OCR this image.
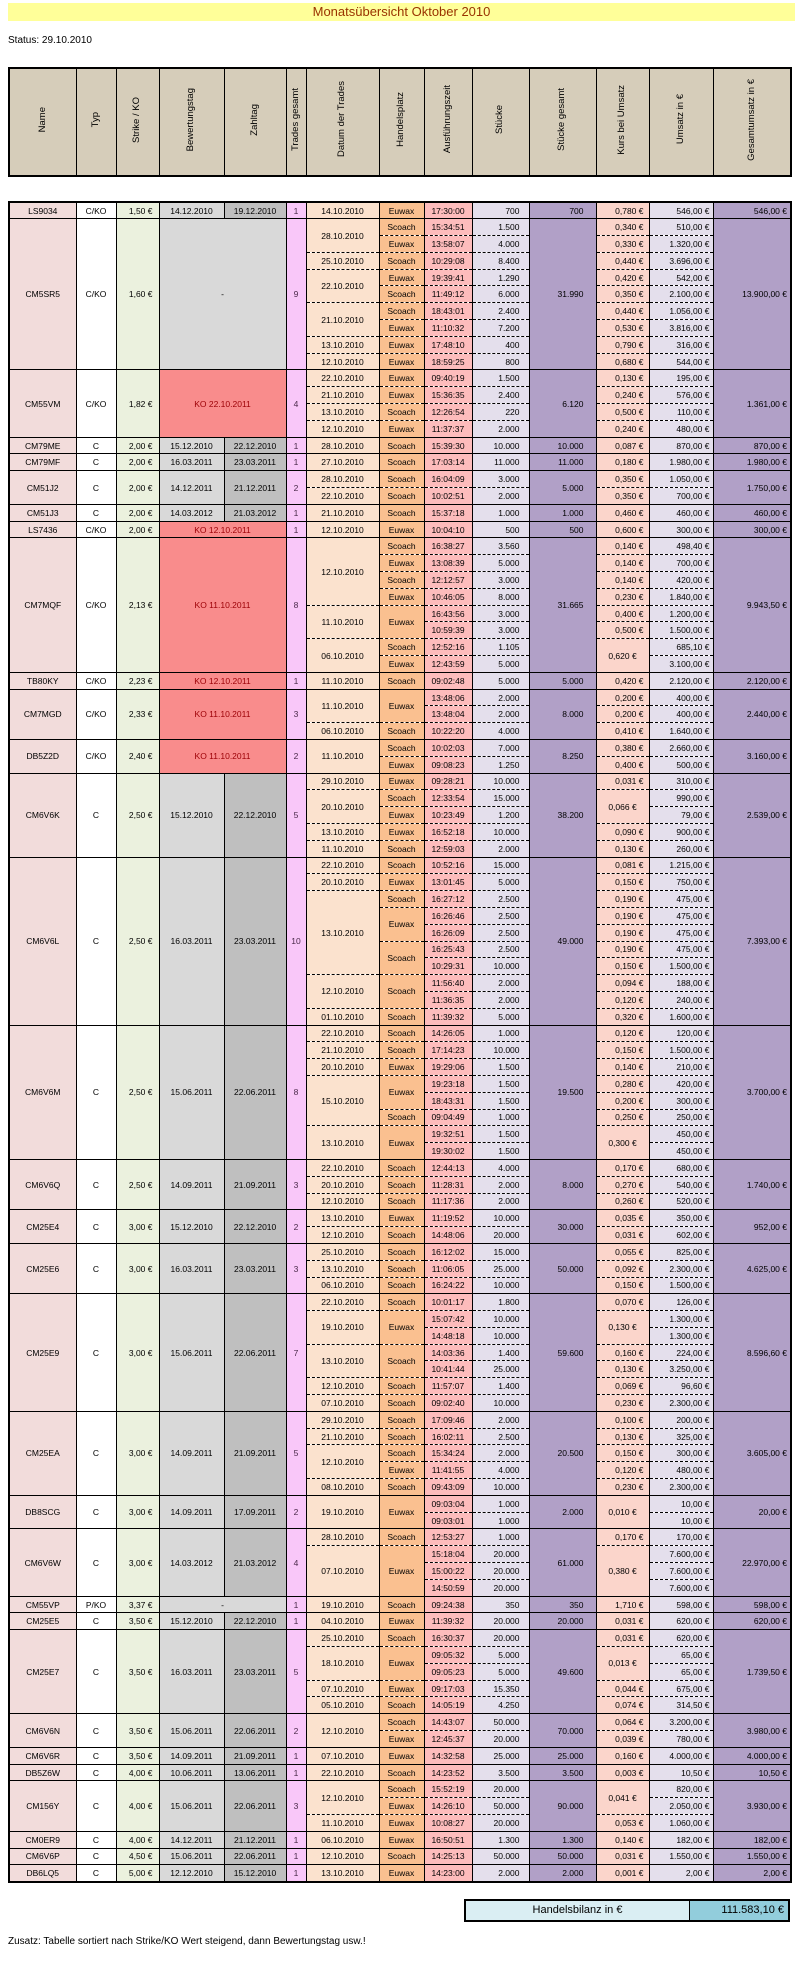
Monatsübersicht Oktober 2010
Status: 29.10.2010
Name	Typ	Strike / KO	Bewertungstag	Zahltag	Trades gesamt	Datum der Trades	Handelsplatz	Ausführungszeit	Stücke	Stücke gesamt	Kurs bei Umsatz	Umsatz in €	Gesamtumsatz in €
LS9034	C/KO	1,50 €	14.12.2010	19.12.2010	1	14.10.2010	Euwax	17:30:00	700	700	0,780 €	546,00 €	546,00 €
CM5SR5	C/KO	1,60 €	-		9	28.10.2010	Scoach	15:34:51	1.500	31.990	0,340 €	510,00 €	13.900,00 €
							Euwax	13:58:07	4.000		0,330 €	1.320,00 €	
						25.10.2010	Scoach	10:29:08	8.400		0,440 €	3.696,00 €	
						22.10.2010	Euwax	19:39:41	1.290		0,420 €	542,00 €	
							Scoach	11:49:12	6.000		0,350 €	2.100,00 €	
						21.10.2010	Scoach	18:43:01	2.400		0,440 €	1.056,00 €	
							Euwax	11:10:32	7.200		0,530 €	3.816,00 €	
						13.10.2010	Euwax	17:48:10	400		0,790 €	316,00 €	
						12.10.2010	Euwax	18:59:25	800		0,680 €	544,00 €	
CM55VM	C/KO	1,82 €	KO 22.10.2011		4	22.10.2010	Euwax	09:40:19	1.500	6.120	0,130 €	195,00 €	1.361,00 €
						21.10.2010	Euwax	15:36:35	2.400		0,240 €	576,00 €	
						13.10.2010	Scoach	12:26:54	220		0,500 €	110,00 €	
						12.10.2010	Euwax	11:37:37	2.000		0,240 €	480,00 €	
CM79ME	C	2,00 €	15.12.2010	22.12.2010	1	28.10.2010	Scoach	15:39:30	10.000	10.000	0,087 €	870,00 €	870,00 €
CM79MF	C	2,00 €	16.03.2011	23.03.2011	1	27.10.2010	Scoach	17:03:14	11.000	11.000	0,180 €	1.980,00 €	1.980,00 €
CM51J2	C	2,00 €	14.12.2011	21.12.2011	2	28.10.2010	Scoach	16:04:09	3.000	5.000	0,350 €	1.050,00 €	1.750,00 €
						22.10.2010	Scoach	10:02:51	2.000		0,350 €	700,00 €	
CM51J3	C	2,00 €	14.03.2012	21.03.2012	1	21.10.2010	Scoach	15:37:18	1.000	1.000	0,460 €	460,00 €	460,00 €
LS7436	C/KO	2,00 €	KO 12.10.2011		1	12.10.2010	Euwax	10:04:10	500	500	0,600 €	300,00 €	300,00 €
CM7MQF	C/KO	2,13 €	KO 11.10.2011		8	12.10.2010	Scoach	16:38:27	3.560	31.665	0,140 €	498,40 €	9.943,50 €
							Euwax	13:08:39	5.000		0,140 €	700,00 €	
							Scoach	12:12:57	3.000		0,140 €	420,00 €	
							Euwax	10:46:05	8.000		0,230 €	1.840,00 €	
						11.10.2010	Euwax	16:43:56	3.000		0,400 €	1.200,00 €	
								10:59:39	3.000		0,500 €	1.500,00 €	
						06.10.2010	Scoach	12:52:16	1.105		0,620 €	685,10 €	
							Euwax	12:43:59	5.000			3.100,00 €	
TB80KY	C/KO	2,23 €	KO 12.10.2011		1	11.10.2010	Scoach	09:02:48	5.000	5.000	0,420 €	2.120,00 €	2.120,00 €
CM7MGD	C/KO	2,33 €	KO 11.10.2011		3	11.10.2010	Euwax	13:48:06	2.000	8.000	0,200 €	400,00 €	2.440,00 €
								13:48:04	2.000		0,200 €	400,00 €	
						06.10.2010	Scoach	10:22:20	4.000		0,410 €	1.640,00 €	
DB5Z2D	C/KO	2,40 €	KO 11.10.2011		2	11.10.2010	Scoach	10:02:03	7.000	8.250	0,380 €	2.660,00 €	3.160,00 €
							Euwax	09:08:23	1.250		0,400 €	500,00 €	
CM6V6K	C	2,50 €	15.12.2010	22.12.2010	5	29.10.2010	Euwax	09:28:21	10.000	38.200	0,031 €	310,00 €	2.539,00 €
						20.10.2010	Scoach	12:33:54	15.000		0,066 €	990,00 €	
							Euwax	10:23:49	1.200			79,00 €	
						13.10.2010	Euwax	16:52:18	10.000		0,090 €	900,00 €	
						11.10.2010	Scoach	12:59:03	2.000		0,130 €	260,00 €	
CM6V6L	C	2,50 €	16.03.2011	23.03.2011	10	22.10.2010	Scoach	10:52:16	15.000	49.000	0,081 €	1.215,00 €	7.393,00 €
						20.10.2010	Euwax	13:01:45	5.000		0,150 €	750,00 €	
						13.10.2010	Scoach	16:27:12	2.500		0,190 €	475,00 €	
							Euwax	16:26:46	2.500		0,190 €	475,00 €	
								16:26:09	2.500		0,190 €	475,00 €	
							Scoach	16:25:43	2.500		0,190 €	475,00 €	
								10:29:31	10.000		0,150 €	1.500,00 €	
						12.10.2010	Scoach	11:56:40	2.000		0,094 €	188,00 €	
								11:36:35	2.000		0,120 €	240,00 €	
						01.10.2010	Scoach	11:39:32	5.000		0,320 €	1.600,00 €	
CM6V6M	C	2,50 €	15.06.2011	22.06.2011	8	22.10.2010	Scoach	14:26:05	1.000	19.500	0,120 €	120,00 €	3.700,00 €
						21.10.2010	Scoach	17:14:23	10.000		0,150 €	1.500,00 €	
						20.10.2010	Euwax	19:29:06	1.500		0,140 €	210,00 €	
						15.10.2010	Euwax	19:23:18	1.500		0,280 €	420,00 €	
								18:43:31	1.500		0,200 €	300,00 €	
							Scoach	09:04:49	1.000		0,250 €	250,00 €	
						13.10.2010	Euwax	19:32:51	1.500		0,300 €	450,00 €	
								19:30:02	1.500			450,00 €	
CM6V6Q	C	2,50 €	14.09.2011	21.09.2011	3	22.10.2010	Scoach	12:44:13	4.000	8.000	0,170 €	680,00 €	1.740,00 €
						20.10.2010	Scoach	11:28:31	2.000		0,270 €	540,00 €	
						12.10.2010	Scoach	11:17:36	2.000		0,260 €	520,00 €	
CM25E4	C	3,00 €	15.12.2010	22.12.2010	2	13.10.2010	Euwax	11:19:52	10.000	30.000	0,035 €	350,00 €	952,00 €
						12.10.2010	Scoach	14:48:06	20.000		0,031 €	602,00 €	
CM25E6	C	3,00 €	16.03.2011	23.03.2011	3	25.10.2010	Scoach	16:12:02	15.000	50.000	0,055 €	825,00 €	4.625,00 €
						13.10.2010	Scoach	11:06:05	25.000		0,092 €	2.300,00 €	
						06.10.2010	Scoach	16:24:22	10.000		0,150 €	1.500,00 €	
CM25E9	C	3,00 €	15.06.2011	22.06.2011	7	22.10.2010	Scoach	10:01:17	1.800	59.600	0,070 €	126,00 €	8.596,60 €
						19.10.2010	Euwax	15:07:42	10.000		0,130 €	1.300,00 €	
								14:48:18	10.000			1.300,00 €	
						13.10.2010	Scoach	14:03:36	1.400		0,160 €	224,00 €	
								10:41:44	25.000		0,130 €	3.250,00 €	
						12.10.2010	Scoach	11:57:07	1.400		0,069 €	96,60 €	
						07.10.2010	Scoach	09:02:40	10.000		0,230 €	2.300,00 €	
CM25EA	C	3,00 €	14.09.2011	21.09.2011	5	29.10.2010	Scoach	17:09:46	2.000	20.500	0,100 €	200,00 €	3.605,00 €
						21.10.2010	Scoach	16:02:11	2.500		0,130 €	325,00 €	
						12.10.2010	Scoach	15:34:24	2.000		0,150 €	300,00 €	
							Euwax	11:41:55	4.000		0,120 €	480,00 €	
						08.10.2010	Scoach	09:43:09	10.000		0,230 €	2.300,00 €	
DB8SCG	C	3,00 €	14.09.2011	17.09.2011	2	19.10.2010	Euwax	09:03:04	1.000	2.000	0,010 €	10,00 €	20,00 €
								09:03:01	1.000			10,00 €	
CM6V6W	C	3,00 €	14.03.2012	21.03.2012	4	28.10.2010	Scoach	12:53:27	1.000	61.000	0,170 €	170,00 €	22.970,00 €
						07.10.2010	Euwax	15:18:04	20.000		0,380 €	7.600,00 €	
								15:00:22	20.000			7.600,00 €	
								14:50:59	20.000			7.600,00 €	
CM55VP	P/KO	3,37 €	-		1	19.10.2010	Scoach	09:24:38	350	350	1,710 €	598,00 €	598,00 €
CM25E5	C	3,50 €	15.12.2010	22.12.2010	1	04.10.2010	Euwax	11:39:32	20.000	20.000	0,031 €	620,00 €	620,00 €
CM25E7	C	3,50 €	16.03.2011	23.03.2011	5	25.10.2010	Scoach	16:30:37	20.000	49.600	0,031 €	620,00 €	1.739,50 €
						18.10.2010	Euwax	09:05:32	5.000		0,013 €	65,00 €	
								09:05:23	5.000			65,00 €	
						07.10.2010	Euwax	09:17:03	15.350		0,044 €	675,00 €	
						05.10.2010	Scoach	14:05:19	4.250		0,074 €	314,50 €	
CM6V6N	C	3,50 €	15.06.2011	22.06.2011	2	12.10.2010	Scoach	14:43:07	50.000	70.000	0,064 €	3.200,00 €	3.980,00 €
							Euwax	12:45:37	20.000		0,039 €	780,00 €	
CM6V6R	C	3,50 €	14.09.2011	21.09.2011	1	07.10.2010	Euwax	14:32:58	25.000	25.000	0,160 €	4.000,00 €	4.000,00 €
DB5Z6W	C	4,00 €	10.06.2011	13.06.2011	1	22.10.2010	Scoach	14:23:52	3.500	3.500	0,003 €	10,50 €	10,50 €
CM156Y	C	4,00 €	15.06.2011	22.06.2011	3	12.10.2010	Scoach	15:52:19	20.000	90.000	0,041 €	820,00 €	3.930,00 €
							Euwax	14:26:10	50.000			2.050,00 €	
						11.10.2010	Euwax	10:08:27	20.000		0,053 €	1.060,00 €	
CM0ER9	C	4,00 €	14.12.2011	21.12.2011	1	06.10.2010	Euwax	16:50:51	1.300	1.300	0,140 €	182,00 €	182,00 €
CM6V6P	C	4,50 €	15.06.2011	22.06.2011	1	12.10.2010	Scoach	14:25:13	50.000	50.000	0,031 €	1.550,00 €	1.550,00 €
DB6LQ5	C	5,00 €	12.12.2010	15.12.2010	1	13.10.2010	Euwax	14:23:00	2.000	2.000	0,001 €	2,00 €	2,00 €
Handelsbilanz in €	111.583,10 €
Zusatz: Tabelle sortiert nach Strike/KO Wert steigend, dann Bewertungstag usw.!
